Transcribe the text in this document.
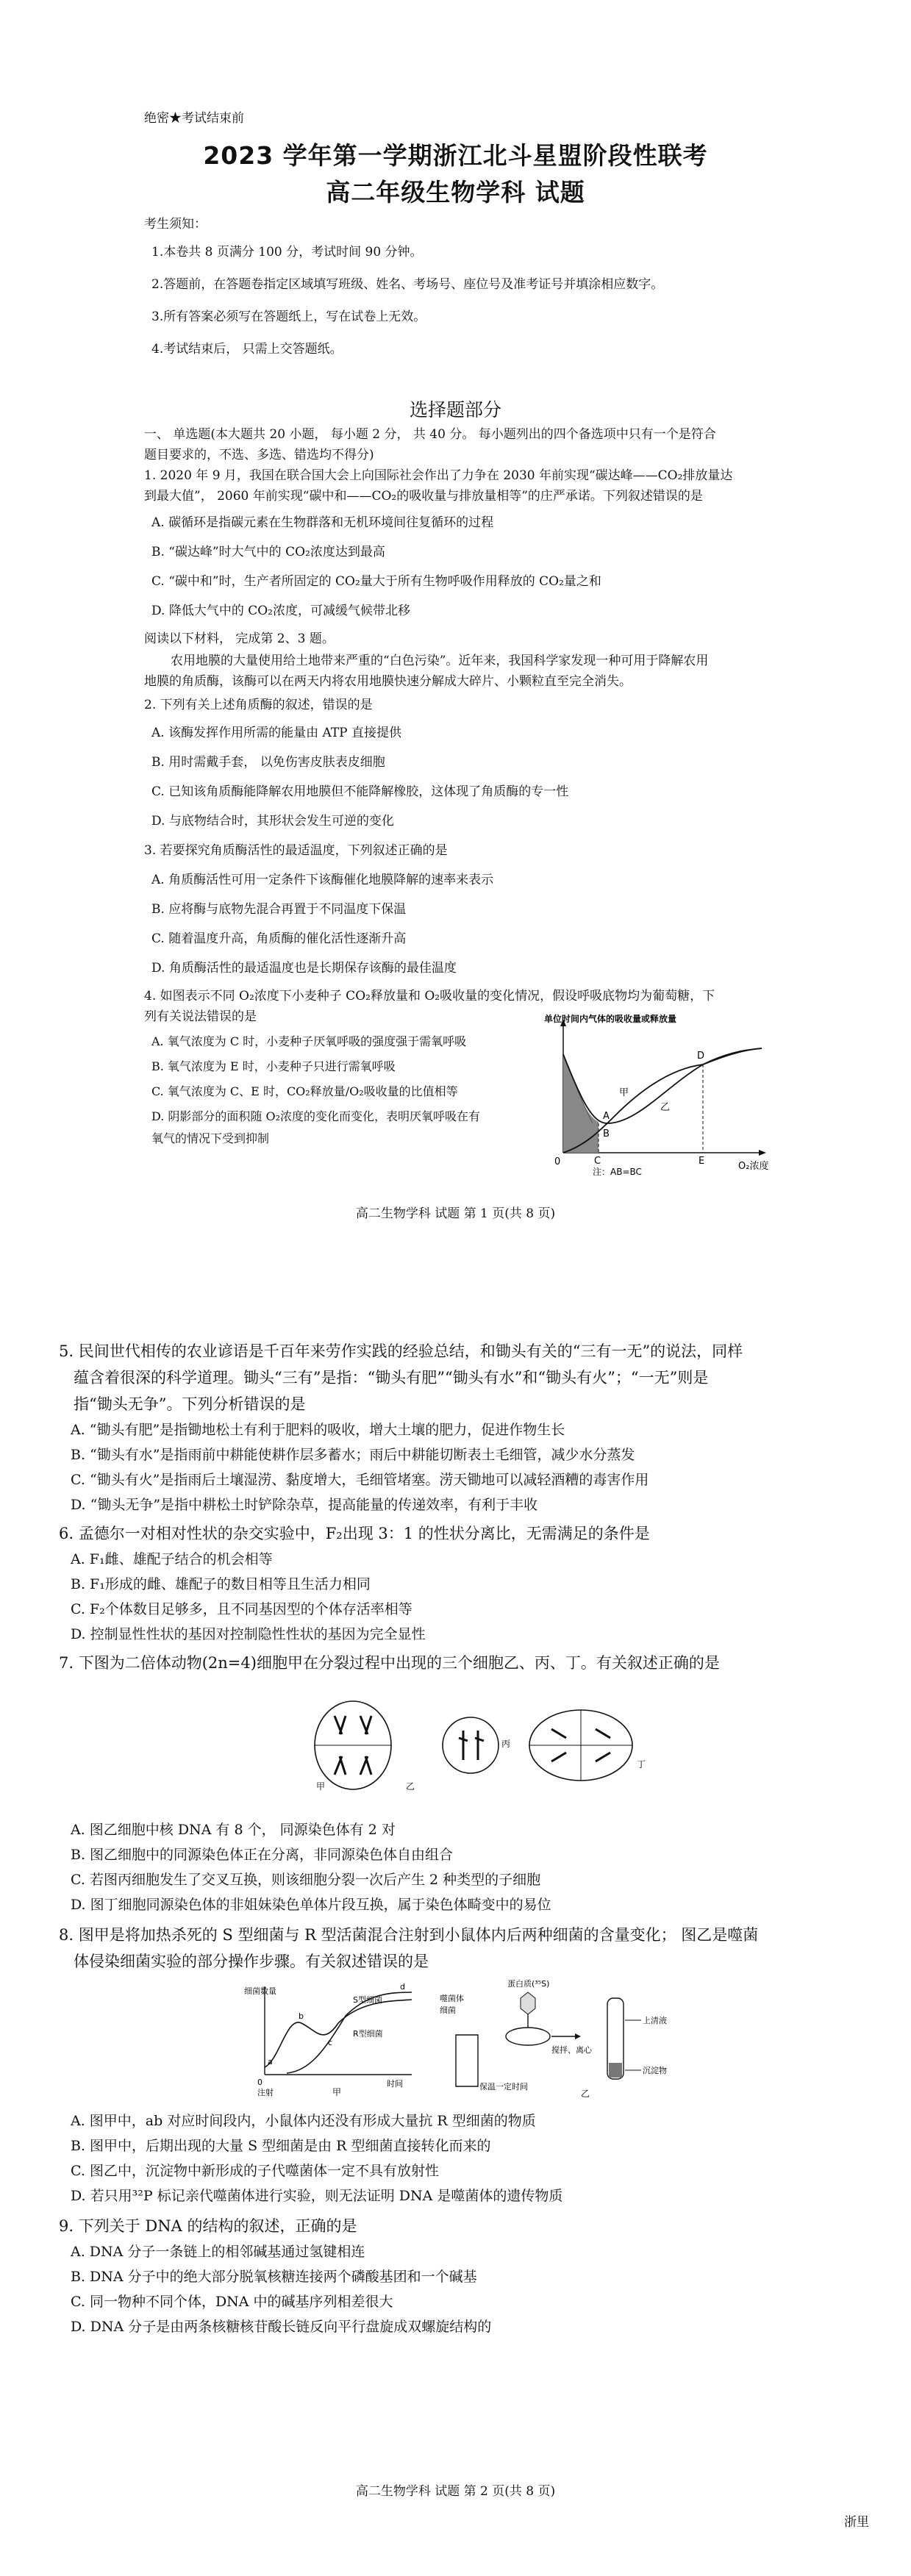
绝密★考试结束前
2023 学年第一学期浙江北斗星盟阶段性联考
高二年级生物学科 试题
考生须知：
1.本卷共 8 页满分 100 分，考试时间 90 分钟。
2.答题前，在答题卷指定区域填写班级、姓名、考场号、座位号及准考证号并填涂相应数字。
3.所有答案必须写在答题纸上，写在试卷上无效。
4.考试结束后， 只需上交答题纸。
选择题部分
一、 单选题(本大题共 20 小题， 每小题 2 分， 共 40 分。 每小题列出的四个备选项中只有一个是符合
题目要求的，不选、多选、错选均不得分)
1. 2020 年 9 月，我国在联合国大会上向国际社会作出了力争在 2030 年前实现“碳达峰——CO₂排放量达
到最大值”， 2060 年前实现“碳中和——CO₂的吸收量与排放量相等”的庄严承诺。下列叙述错误的是
A. 碳循环是指碳元素在生物群落和无机环境间往复循环的过程
B. “碳达峰”时大气中的 CO₂浓度达到最高
C. “碳中和”时，生产者所固定的 CO₂量大于所有生物呼吸作用释放的 CO₂量之和
D. 降低大气中的 CO₂浓度，可减缓气候带北移
阅读以下材料， 完成第 2、3 题。
农用地膜的大量使用给土地带来严重的“白色污染”。近年来，我国科学家发现一种可用于降解农用
地膜的角质酶，该酶可以在两天内将农用地膜快速分解成大碎片、小颗粒直至完全消失。
2. 下列有关上述角质酶的叙述，错误的是
A. 该酶发挥作用所需的能量由 ATP 直接提供
B. 用时需戴手套， 以免伤害皮肤表皮细胞
C. 已知该角质酶能降解农用地膜但不能降解橡胶，这体现了角质酶的专一性
D. 与底物结合时，其形状会发生可逆的变化
3. 若要探究角质酶活性的最适温度，下列叙述正确的是
A. 角质酶活性可用一定条件下该酶催化地膜降解的速率来表示
B. 应将酶与底物先混合再置于不同温度下保温
C. 随着温度升高，角质酶的催化活性逐渐升高
D. 角质酶活性的最适温度也是长期保存该酶的最佳温度
4. 如图表示不同 O₂浓度下小麦种子 CO₂释放量和 O₂吸收量的变化情况，假设呼吸底物均为葡萄糖，下
列有关说法错误的是
A. 氧气浓度为 C 时，小麦种子厌氧呼吸的强度强于需氧呼吸
B. 氧气浓度为 E 时，小麦种子只进行需氧呼吸
C. 氧气浓度为 C、E 时，CO₂释放量/O₂吸收量的比值相等
D. 阴影部分的面积随 O₂浓度的变化而变化，表明厌氧呼吸在有
氧气的情况下受到抑制
单位时间内气体的吸收量或释放量
O₂浓度
0
A
B
C
D
E
甲
乙
注：AB=BC
高二生物学科 试题 第 1 页(共 8 页)
5. 民间世代相传的农业谚语是千百年来劳作实践的经验总结，和锄头有关的“三有一无”的说法，同样
蕴含着很深的科学道理。锄头“三有”是指：“锄头有肥”“锄头有水”和“锄头有火”；“一无”则是
指“锄头无争”。下列分析错误的是
A. “锄头有肥”是指锄地松土有利于肥料的吸收，增大土壤的肥力，促进作物生长
B. “锄头有水”是指雨前中耕能使耕作层多蓄水；雨后中耕能切断表土毛细管，减少水分蒸发
C. “锄头有火”是指雨后土壤湿涝、黏度增大，毛细管堵塞。涝天锄地可以减轻酒糟的毒害作用
D. “锄头无争”是指中耕松土时铲除杂草，提高能量的传递效率，有利于丰收
6. 孟德尔一对相对性状的杂交实验中，F₂出现 3：1 的性状分离比，无需满足的条件是
A. F₁雌、雄配子结合的机会相等
B. F₁形成的雌、雄配子的数目相等且生活力相同
C. F₂个体数目足够多，且不同基因型的个体存活率相等
D. 控制显性性状的基因对控制隐性性状的基因为完全显性
7. 下图为二倍体动物(2n=4)细胞甲在分裂过程中出现的三个细胞乙、丙、丁。有关叙述正确的是
甲	乙
丙
丁
A. 图乙细胞中核 DNA 有 8 个， 同源染色体有 2 对
B. 图乙细胞中的同源染色体正在分离，非同源染色体自由组合
C. 若图丙细胞发生了交叉互换，则该细胞分裂一次后产生 2 种类型的子细胞
D. 图丁细胞同源染色体的非姐妹染色单体片段互换，属于染色体畸变中的易位
8. 图甲是将加热杀死的 S 型细菌与 R 型活菌混合注射到小鼠体内后两种细菌的含量变化； 图乙是噬菌
体侵染细菌实验的部分操作步骤。有关叙述错误的是
细菌数量
时间
0
注射
S型细菌
R型细菌
a
b
c
d
甲
蛋白质(³⁵S)
噬菌体
细菌
保温一定时间
搅拌、离心
上清液
沉淀物
乙
A. 图甲中，ab 对应时间段内，小鼠体内还没有形成大量抗 R 型细菌的物质
B. 图甲中，后期出现的大量 S 型细菌是由 R 型细菌直接转化而来的
C. 图乙中，沉淀物中新形成的子代噬菌体一定不具有放射性
D. 若只用³²P 标记亲代噬菌体进行实验，则无法证明 DNA 是噬菌体的遗传物质
9. 下列关于 DNA 的结构的叙述，正确的是
A. DNA 分子一条链上的相邻碱基通过氢键相连
B. DNA 分子中的绝大部分脱氧核糖连接两个磷酸基团和一个碱基
C. 同一物种不同个体，DNA 中的碱基序列相差很大
D. DNA 分子是由两条核糖核苷酸长链反向平行盘旋成双螺旋结构的
高二生物学科 试题 第 2 页(共 8 页)
浙里
